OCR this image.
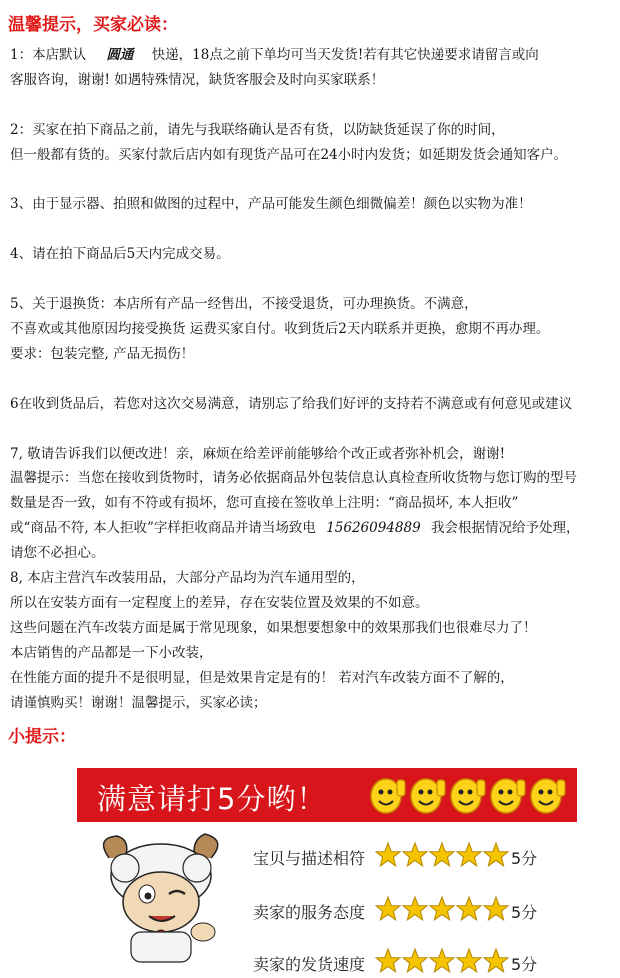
温馨提示，买家必读：
1：本店默认 圆通 快递，18点之前下单均可当天发货!若有其它快递要求请留言或向
客服咨询，谢谢! 如遇特殊情况，缺货客服会及时向买家联系！
2：买家在拍下商品之前，请先与我联络确认是否有货，以防缺货延误了你的时间，
但一般都有货的。买家付款后店内如有现货产品可在24小时内发货；如延期发货会通知客户。
3、由于显示器、拍照和做图的过程中，产品可能发生颜色细微偏差！颜色以实物为准！
4、请在拍下商品后5天内完成交易。
5、关于退换货：本店所有产品一经售出，不接受退货，可办理换货。不满意，
不喜欢或其他原因均接受换货 运费买家自付。收到货后2天内联系并更换，愈期不再办理。
要求：包装完整, 产品无损伤！
6在收到货品后，若您对这次交易满意，请别忘了给我们好评的支持若不满意或有何意见或建议
7, 敬请告诉我们以便改进！亲，麻烦在给差评前能够给个改正或者弥补机会，谢谢!
温馨提示：当您在接收到货物时，请务必依据商品外包装信息认真检查所收货物与您订购的型号
数量是否一致，如有不符或有损坏，您可直接在签收单上注明：“商品损坏, 本人拒收”
或“商品不符, 本人拒收”字样拒收商品并请当场致电 15626094889 我会根据情况给予处理，
请您不必担心。
8, 本店主营汽车改装用品，大部分产品均为汽车通用型的，
所以在安装方面有一定程度上的差异，存在安装位置及效果的不如意。
这些问题在汽车改装方面是属于常见现象，如果想要想象中的效果那我们也很难尽力了！
本店销售的产品都是一下小改装，
在性能方面的提升不是很明显，但是效果肯定是有的！ 若对汽车改装方面不了解的，
请谨慎购买！谢谢！温馨提示，买家必读；
小提示：
满意请打5分哟！
宝贝与描述相符	5分
卖家的服务态度	5分
卖家的发货速度	5分
